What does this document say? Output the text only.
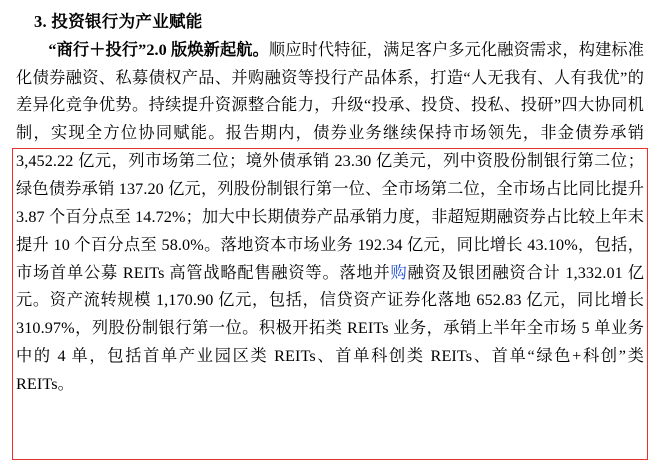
3. 投资银行为产业赋能

“商行＋投行”2.0 版焕新起航。顺应时代特征，满足客户多元化融资需求，构建标准化债券融资、私募债权产品、并购融资等投行产品体系，打造“人无我有、人有我优”的差异化竞争优势。持续提升资源整合能力，升级“投承、投贷、投私、投研”四大协同机制，实现全方位协同赋能。报告期内，债券业务继续保持市场领先，非金债券承销 3,452.22 亿元，列市场第二位；境外债承销 23.30 亿美元，列中资股份制银行第二位；绿色债券承销 137.20 亿元，列股份制银行第一位、全市场第二位，全市场占比同比提升 3.87 个百分点至 14.72%；加大中长期债券产品承销力度，非超短期融资券占比较上年末提升 10 个百分点至 58.0%。落地资本市场业务 192.34 亿元，同比增长 43.10%，包括，市场首单公募 REITs 高管战略配售融资等。落地并购融资及银团融资合计 1,332.01 亿元。资产流转规模 1,170.90 亿元，包括，信贷资产证券化落地 652.83 亿元，同比增长 310.97%，列股份制银行第一位。积极开拓类 REITs 业务，承销上半年全市场 5 单业务中的 4 单，包括首单产业园区类 REITs、首单科创类 REITs、首单“绿色+科创”类 REITs。
